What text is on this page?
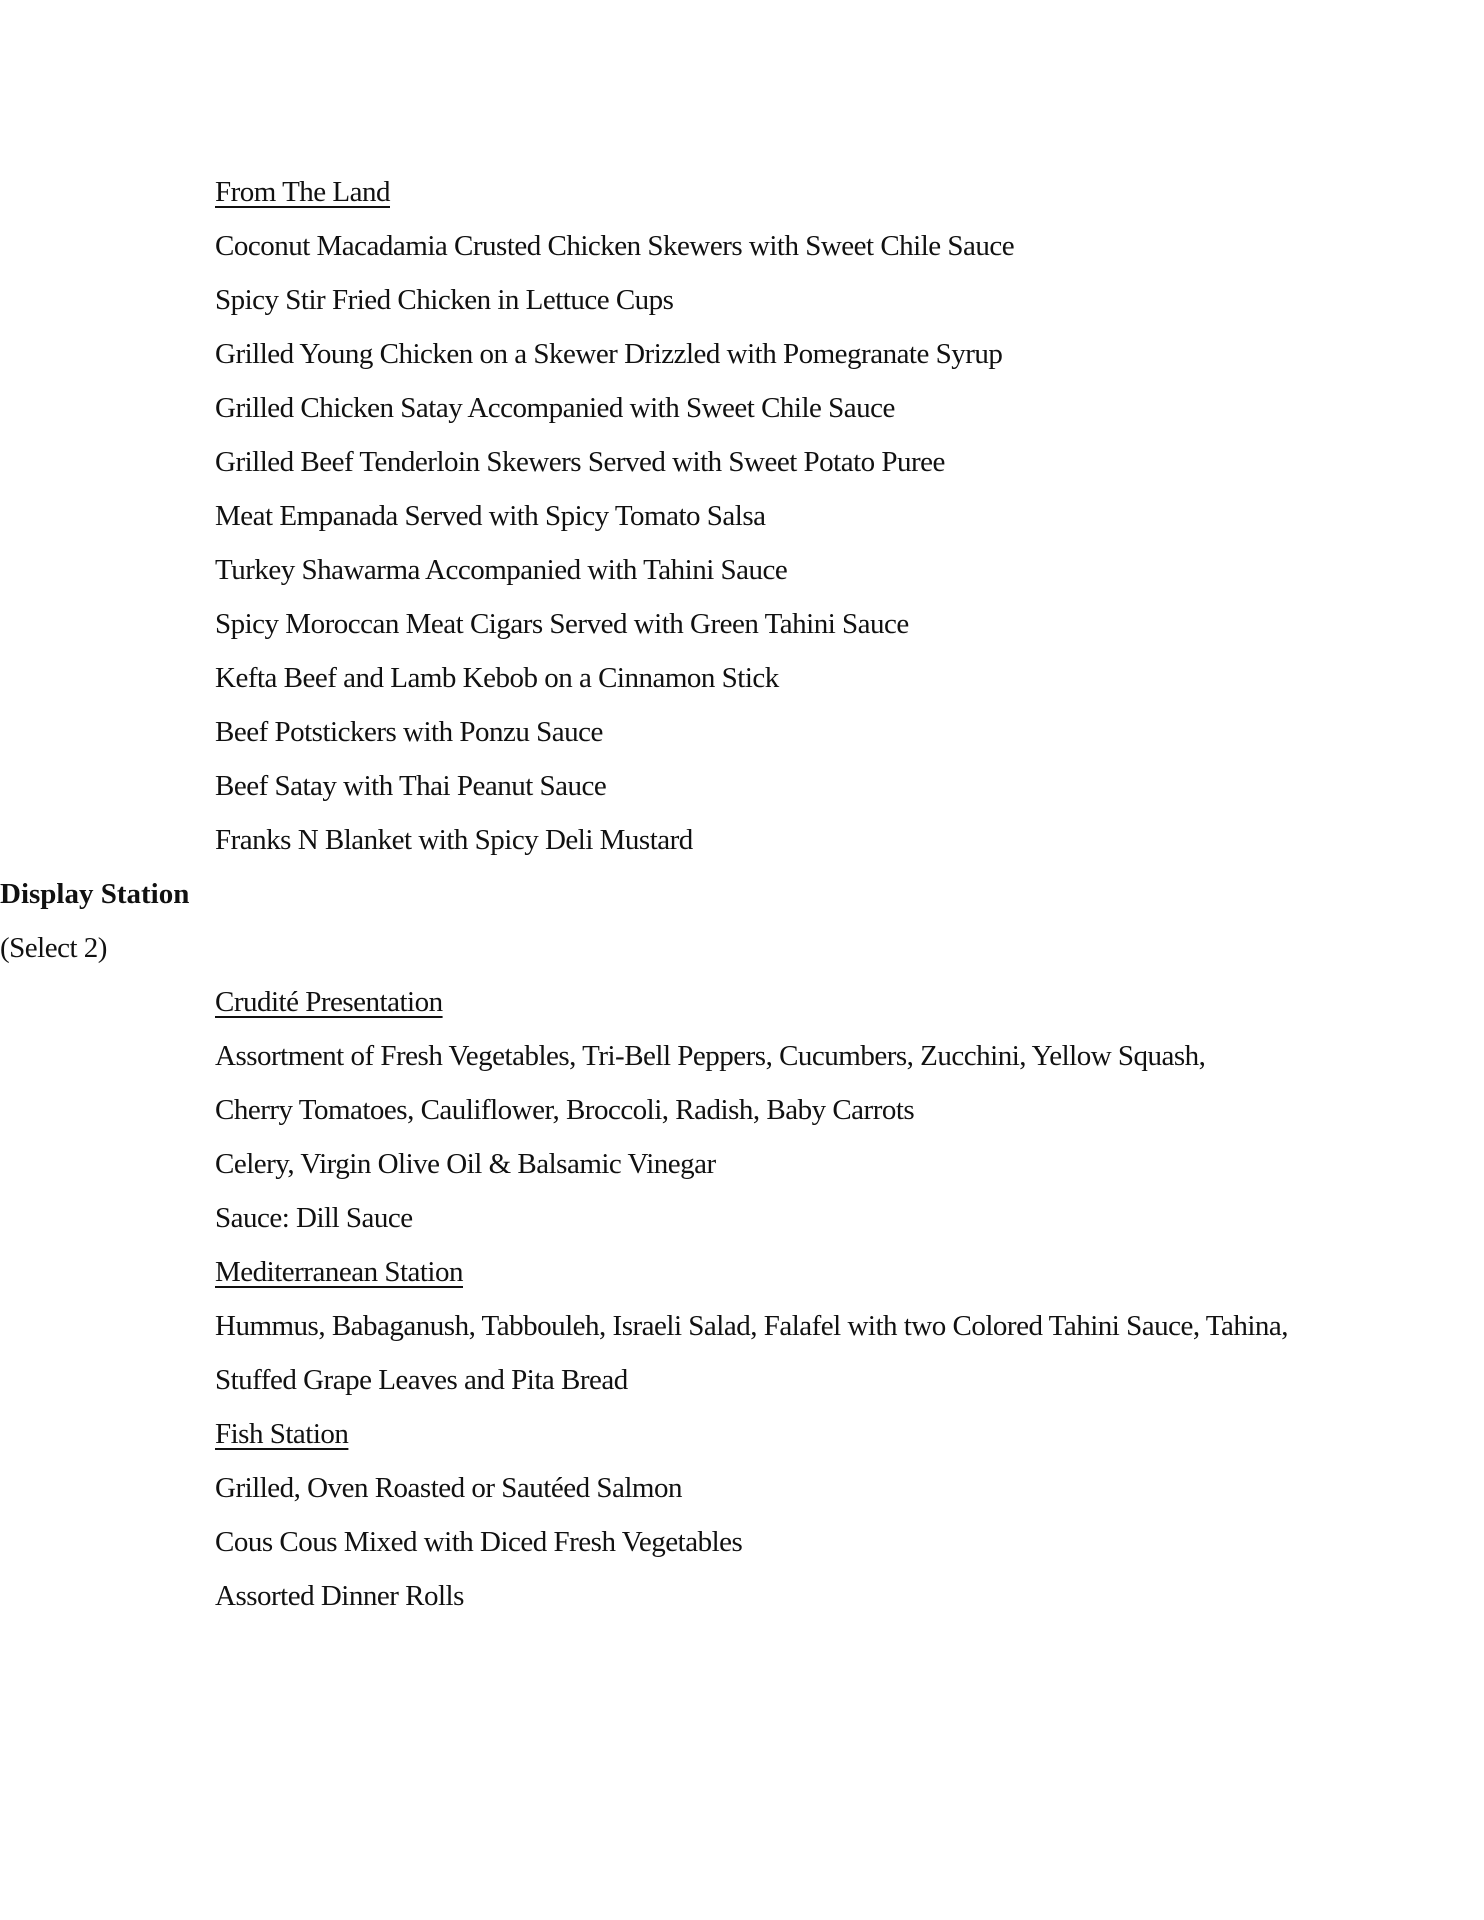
From The Land

Coconut Macadamia Crusted Chicken Skewers with Sweet Chile Sauce

Spicy Stir Fried Chicken in Lettuce Cups

Grilled Young Chicken on a Skewer Drizzled with Pomegranate Syrup

Grilled Chicken Satay Accompanied with Sweet Chile Sauce

Grilled Beef Tenderloin Skewers Served with Sweet Potato Puree

Meat Empanada Served with Spicy Tomato Salsa

Turkey Shawarma Accompanied with Tahini Sauce

Spicy Moroccan Meat Cigars Served with Green Tahini Sauce

Kefta Beef and Lamb Kebob on a Cinnamon Stick

Beef Potstickers with Ponzu Sauce

Beef Satay with Thai Peanut Sauce

Franks N Blanket with Spicy Deli Mustard

Display Station

(Select 2)

Crudité Presentation

Assortment of Fresh Vegetables, Tri-Bell Peppers, Cucumbers, Zucchini, Yellow Squash,

Cherry Tomatoes, Cauliflower, Broccoli, Radish, Baby Carrots

Celery, Virgin Olive Oil & Balsamic Vinegar

Sauce: Dill Sauce

Mediterranean Station

Hummus, Babaganush, Tabbouleh, Israeli Salad, Falafel with two Colored Tahini Sauce, Tahina,

Stuffed Grape Leaves and Pita Bread

Fish Station

Grilled, Oven Roasted or Sautéed Salmon

Cous Cous Mixed with Diced Fresh Vegetables

Assorted Dinner Rolls
